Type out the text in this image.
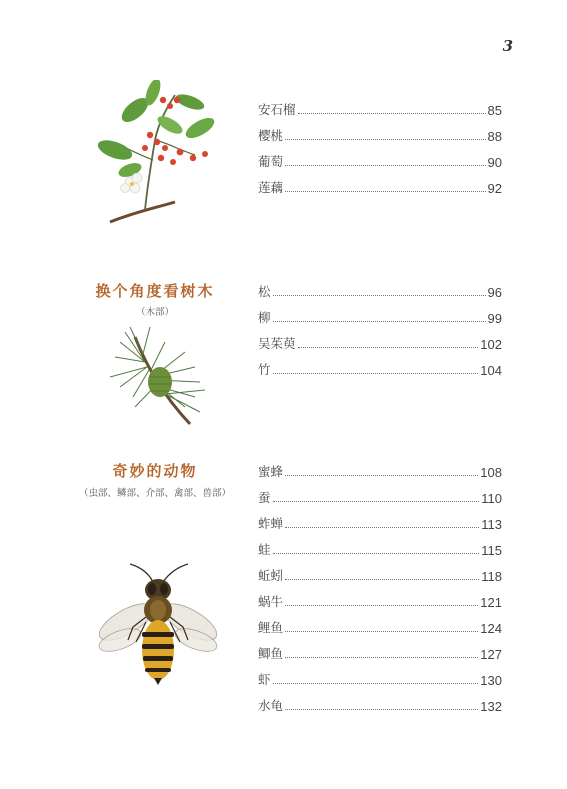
3
安石榴	85
樱桃	88
葡萄	90
莲藕	92
换个角度看树木
（木部）
松	96
柳	99
吴茱萸	102
竹	104
奇妙的动物
（虫部、鳞部、介部、禽部、兽部）
蜜蜂	108
蚕	110
蚱蝉	113
蛙	115
蚯蚓	118
蜗牛	121
鲤鱼	124
鲫鱼	127
虾	130
水龟	132
